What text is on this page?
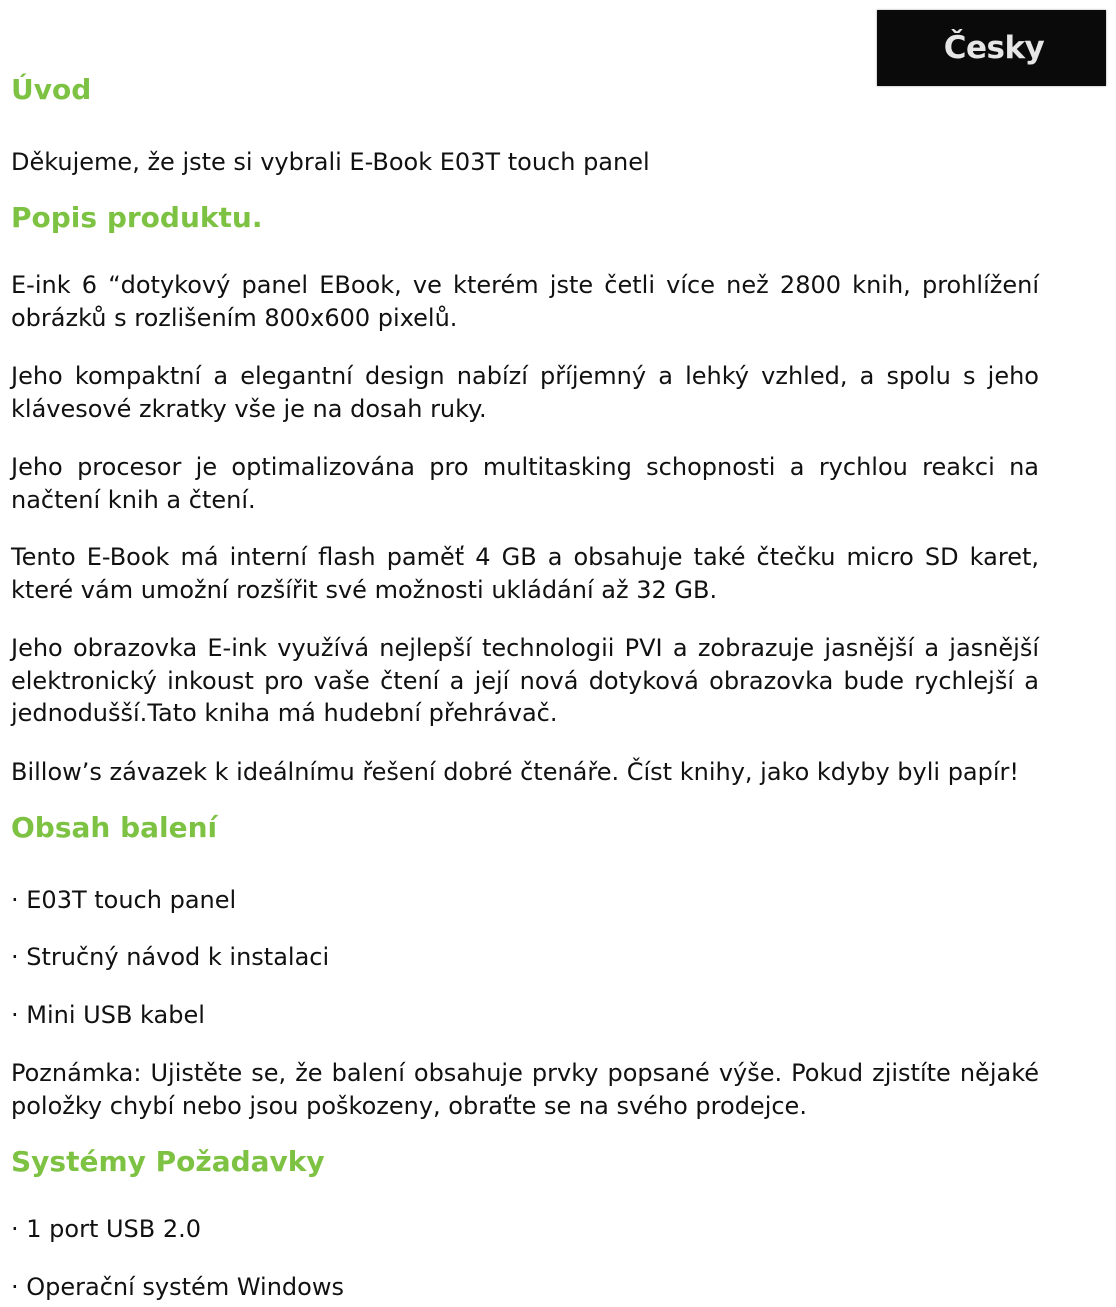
Česky
Úvod
Děkujeme, že jste si vybrali E-Book E03T touch panel
Popis produktu.
E-ink 6 “dotykový panel EBook, ve kterém jste četli více než 2800 knih, prohlížení obrázků s rozlišením 800x600 pixelů.
Jeho kompaktní a elegantní design nabízí příjemný a lehký vzhled, a spolu s jeho klávesové zkratky vše je na dosah ruky.
Jeho procesor je optimalizována pro multitasking schopnosti a rychlou reakci na načtení knih a čtení.
Tento E-Book má interní flash paměť 4 GB a obsahuje také čtečku micro SD karet, které vám umožní rozšířit své možnosti ukládání až 32 GB.
Jeho obrazovka E-ink využívá nejlepší technologii PVI a zobrazuje jasnější a jasnější elektronický inkoust pro vaše čtení a její nová dotyková obrazovka bude rychlejší a jednodušší.Tato kniha má hudební přehrávač.
Billow’s závazek k ideálnímu řešení dobré čtenáře. Číst knihy, jako kdyby byli papír!
Obsah balení
· E03T touch panel
· Stručný návod k instalaci
· Mini USB kabel
Poznámka: Ujistěte se, že balení obsahuje prvky popsané výše. Pokud zjistíte nějaké položky chybí nebo jsou poškozeny, obraťte se na svého prodejce.
Systémy Požadavky
· 1 port USB 2.0
· Operační systém Windows
